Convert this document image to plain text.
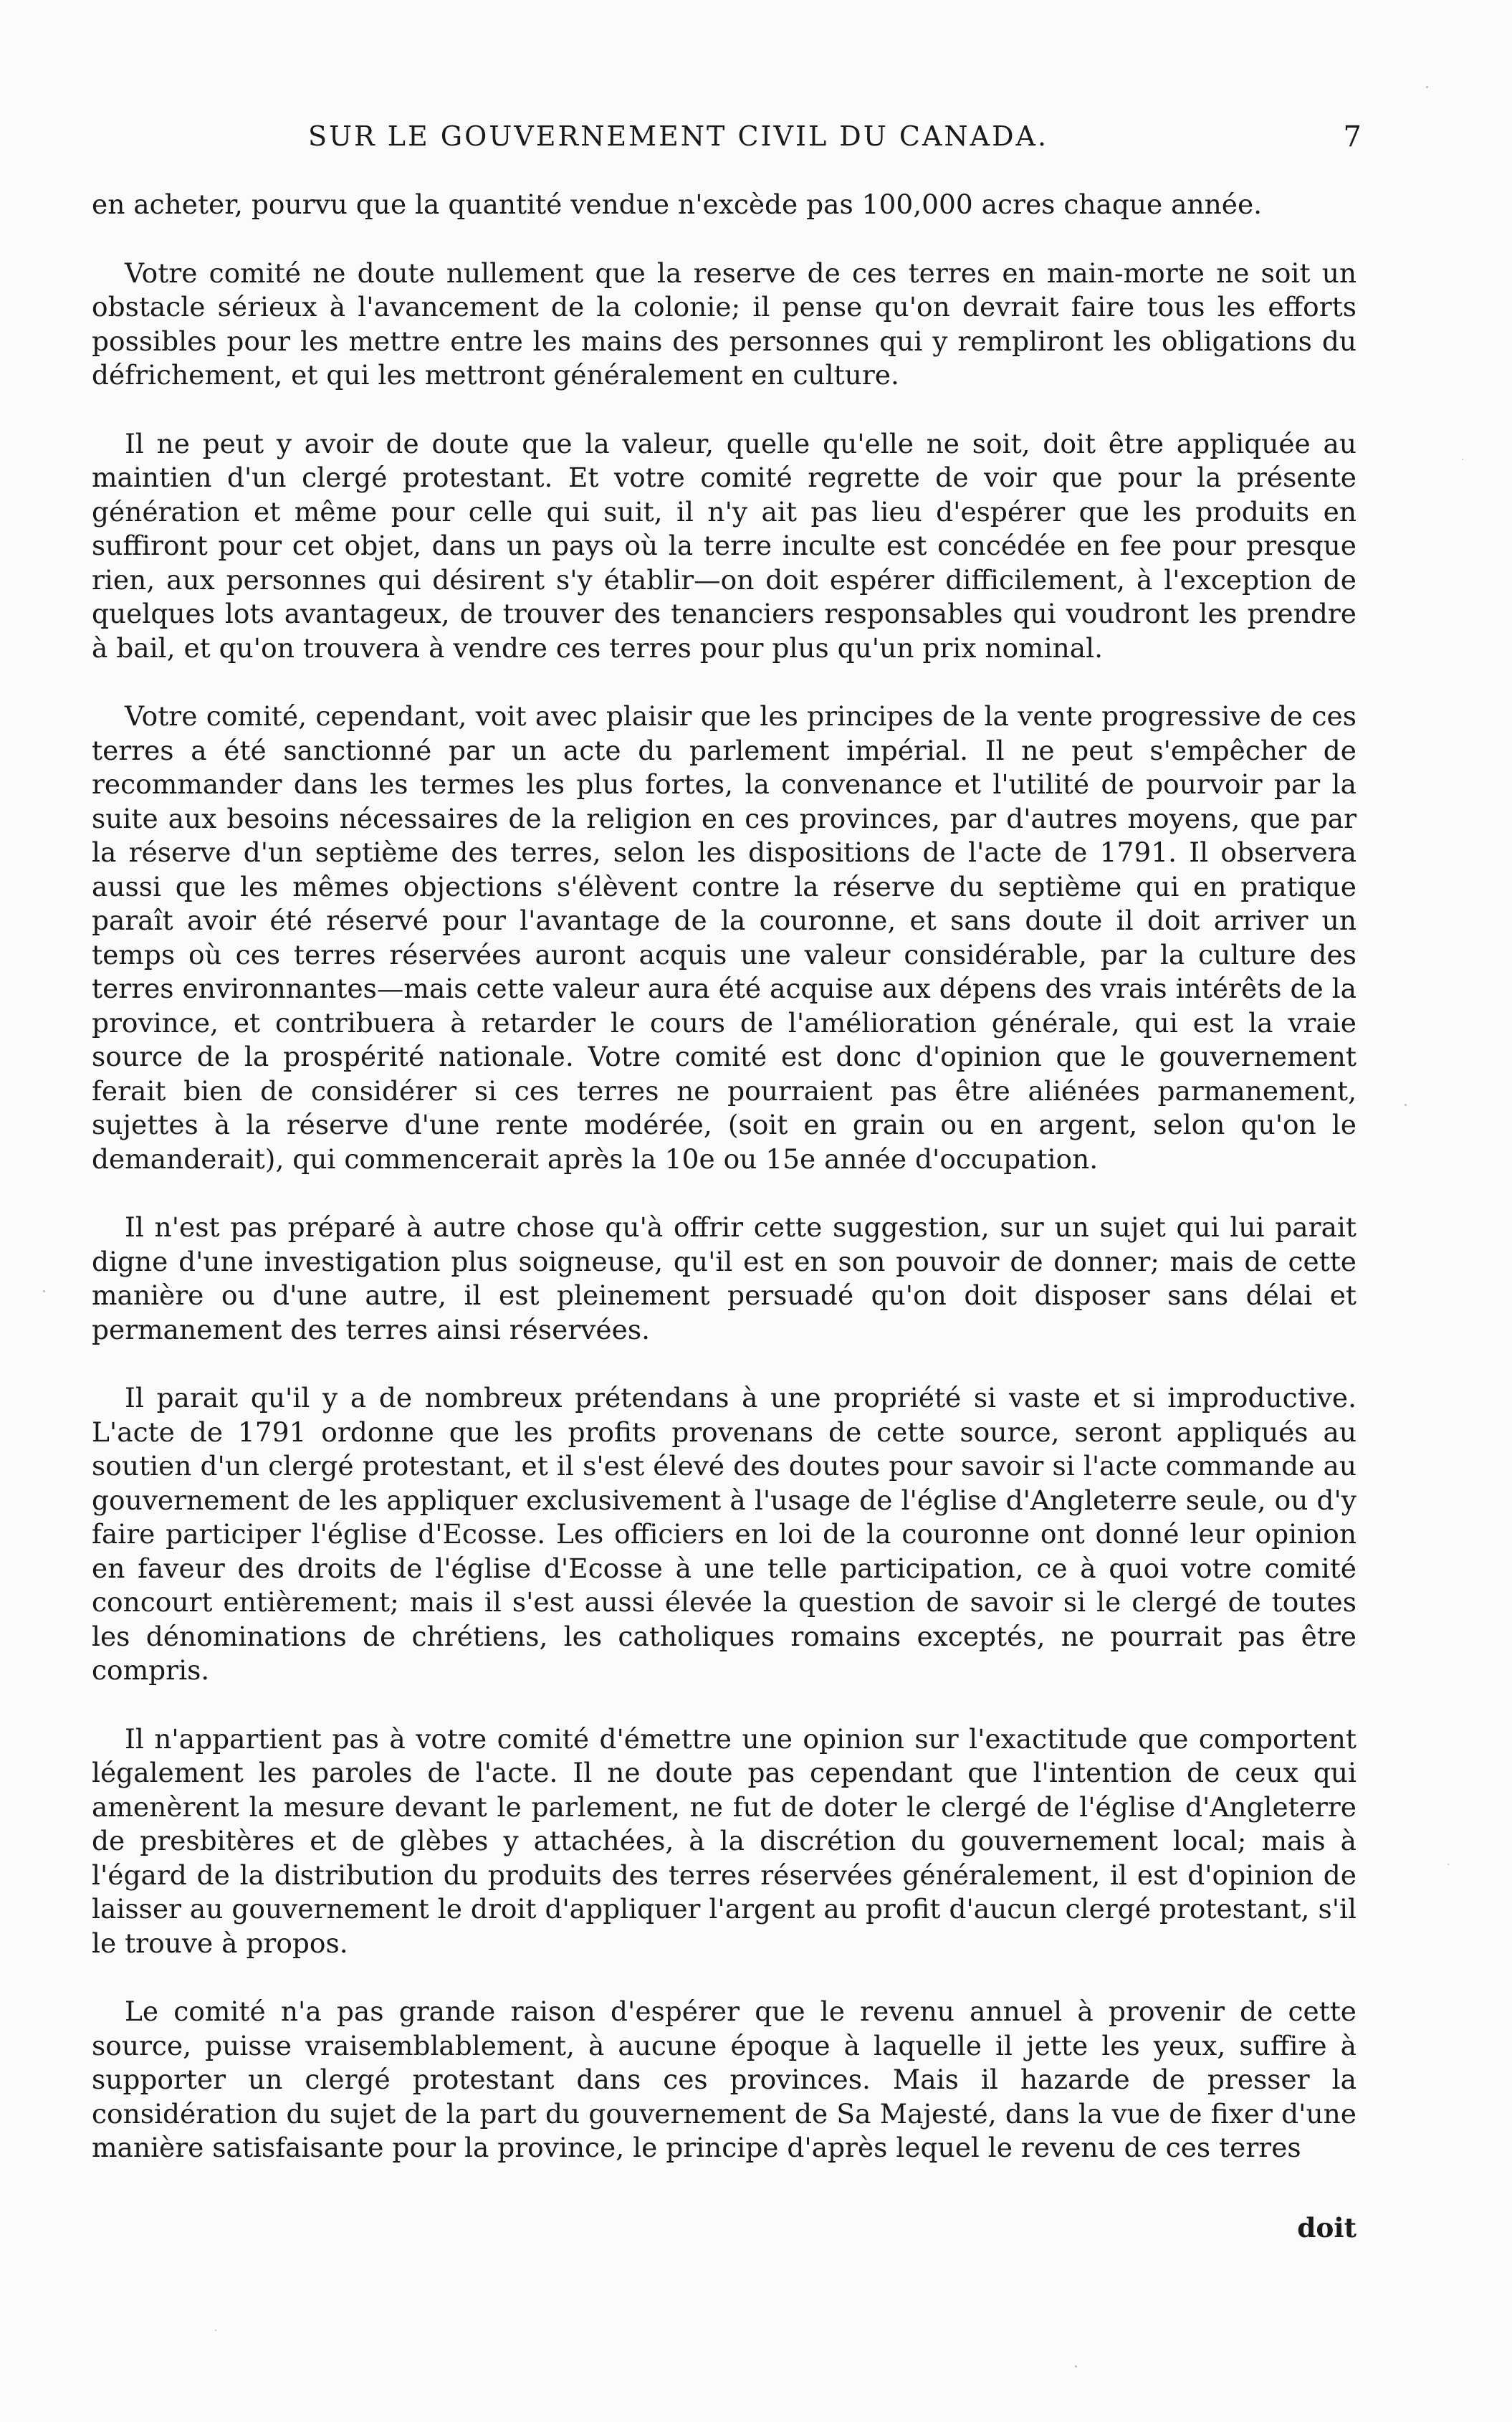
SUR LE GOUVERNEMENT CIVIL DU CANADA.	7

en acheter, pourvu que la quantité vendue n'excède pas 100,000 acres chaque année.

Votre comité ne doute nullement que la reserve de ces terres en main-morte ne soit un obstacle sérieux à l'avancement de la colonie; il pense qu'on devrait faire tous les efforts possibles pour les mettre entre les mains des personnes qui y rempliront les obligations du défrichement, et qui les mettront généralement en culture.

Il ne peut y avoir de doute que la valeur, quelle qu'elle ne soit, doit être appliquée au maintien d'un clergé protestant. Et votre comité regrette de voir que pour la présente génération et même pour celle qui suit, il n'y ait pas lieu d'espérer que les produits en suffiront pour cet objet, dans un pays où la terre inculte est concédée en fee pour presque rien, aux personnes qui désirent s'y établir—on doit espérer difficilement, à l'exception de quelques lots avantageux, de trouver des tenanciers responsables qui voudront les prendre à bail, et qu'on trouvera à vendre ces terres pour plus qu'un prix nominal.

Votre comité, cependant, voit avec plaisir que les principes de la vente progressive de ces terres a été sanctionné par un acte du parlement impérial. Il ne peut s'empêcher de recommander dans les termes les plus fortes, la convenance et l'utilité de pourvoir par la suite aux besoins nécessaires de la religion en ces provinces, par d'autres moyens, que par la réserve d'un septième des terres, selon les dispositions de l'acte de 1791. Il observera aussi que les mêmes objections s'élèvent contre la réserve du septième qui en pratique paraît avoir été réservé pour l'avantage de la couronne, et sans doute il doit arriver un temps où ces terres réservées auront acquis une valeur considérable, par la culture des terres environnantes—mais cette valeur aura été acquise aux dépens des vrais intérêts de la province, et contribuera à retarder le cours de l'amélioration générale, qui est la vraie source de la prospérité nationale. Votre comité est donc d'opinion que le gouvernement ferait bien de considérer si ces terres ne pourraient pas être aliénées parmanement, sujettes à la réserve d'une rente modérée, (soit en grain ou en argent, selon qu'on le demanderait), qui commencerait après la 10e ou 15e année d'occupation.

Il n'est pas préparé à autre chose qu'à offrir cette suggestion, sur un sujet qui lui parait digne d'une investigation plus soigneuse, qu'il est en son pouvoir de donner; mais de cette manière ou d'une autre, il est pleinement persuadé qu'on doit disposer sans délai et permanement des terres ainsi réservées.

Il parait qu'il y a de nombreux prétendans à une propriété si vaste et si improductive. L'acte de 1791 ordonne que les profits provenans de cette source, seront appliqués au soutien d'un clergé protestant, et il s'est élevé des doutes pour savoir si l'acte commande au gouvernement de les appliquer exclusivement à l'usage de l'église d'Angleterre seule, ou d'y faire participer l'église d'Ecosse. Les officiers en loi de la couronne ont donné leur opinion en faveur des droits de l'église d'Ecosse à une telle participation, ce à quoi votre comité concourt entièrement; mais il s'est aussi élevée la question de savoir si le clergé de toutes les dénominations de chrétiens, les catholiques romains exceptés, ne pourrait pas être compris.

Il n'appartient pas à votre comité d'émettre une opinion sur l'exactitude que comportent légalement les paroles de l'acte. Il ne doute pas cependant que l'intention de ceux qui amenèrent la mesure devant le parlement, ne fut de doter le clergé de l'église d'Angleterre de presbitères et de glèbes y attachées, à la discrétion du gouvernement local; mais à l'égard de la distribution du produits des terres réservées généralement, il est d'opinion de laisser au gouvernement le droit d'appliquer l'argent au profit d'aucun clergé protestant, s'il le trouve à propos.

Le comité n'a pas grande raison d'espérer que le revenu annuel à provenir de cette source, puisse vraisemblablement, à aucune époque à laquelle il jette les yeux, suffire à supporter un clergé protestant dans ces provinces. Mais il hazarde de presser la considération du sujet de la part du gouvernement de Sa Majesté, dans la vue de fixer d'une manière satisfaisante pour la province, le principe d'après lequel le revenu de ces terres

doit
